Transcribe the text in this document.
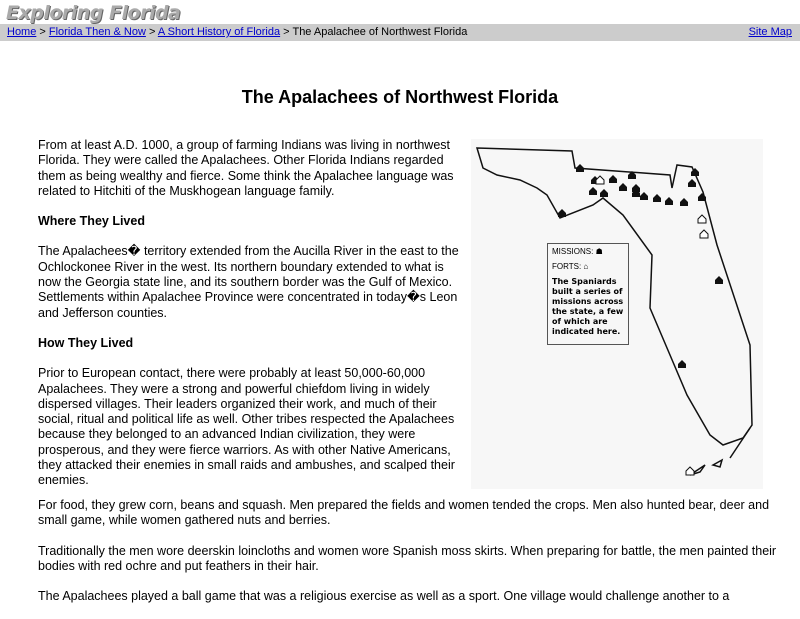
Exploring Florida
Home > Florida Then & Now > A Short History of Florida > The Apalachee of Northwest Florida	Site Map
The Apalachees of Northwest Florida

From at least A.D. 1000, a group of farming Indians was living in northwest Florida. They were called the Apalachees. Other Florida Indians regarded them as being wealthy and fierce. Some think the Apalachee language was related to Hitchiti of the Muskhogean language family.

Where They Lived

The Apalachees� territory extended from the Aucilla River in the east to the Ochlockonee River in the west. Its northern boundary extended to what is now the Georgia state line, and its southern border was the Gulf of Mexico. Settlements within Apalachee Province were concentrated in today�s Leon and Jefferson counties.

How They Lived

Prior to European contact, there were probably at least 50,000-60,000 Apalachees. They were a strong and powerful chiefdom living in widely dispersed villages. Their leaders organized their work, and much of their social, ritual and political life as well. Other tribes respected the Apalachees because they belonged to an advanced Indian civilization, they were prosperous, and they were fierce warriors. As with other Native Americans, they attacked their enemies in small raids and ambushes, and scalped their enemies.

For food, they grew corn, beans and squash. Men prepared the fields and women tended the crops. Men also hunted bear, deer and small game, while women gathered nuts and berries.

Traditionally the men wore deerskin loincloths and women wore Spanish moss skirts. When preparing for battle, the men painted their bodies with red ochre and put feathers in their hair.

The Apalachees played a ball game that was a religious exercise as well as a sport. One village would challenge another to a

MISSIONS: ☗
FORTS: ⌂
The Spaniards built a series of missions across the state, a few of which are indicated here.
